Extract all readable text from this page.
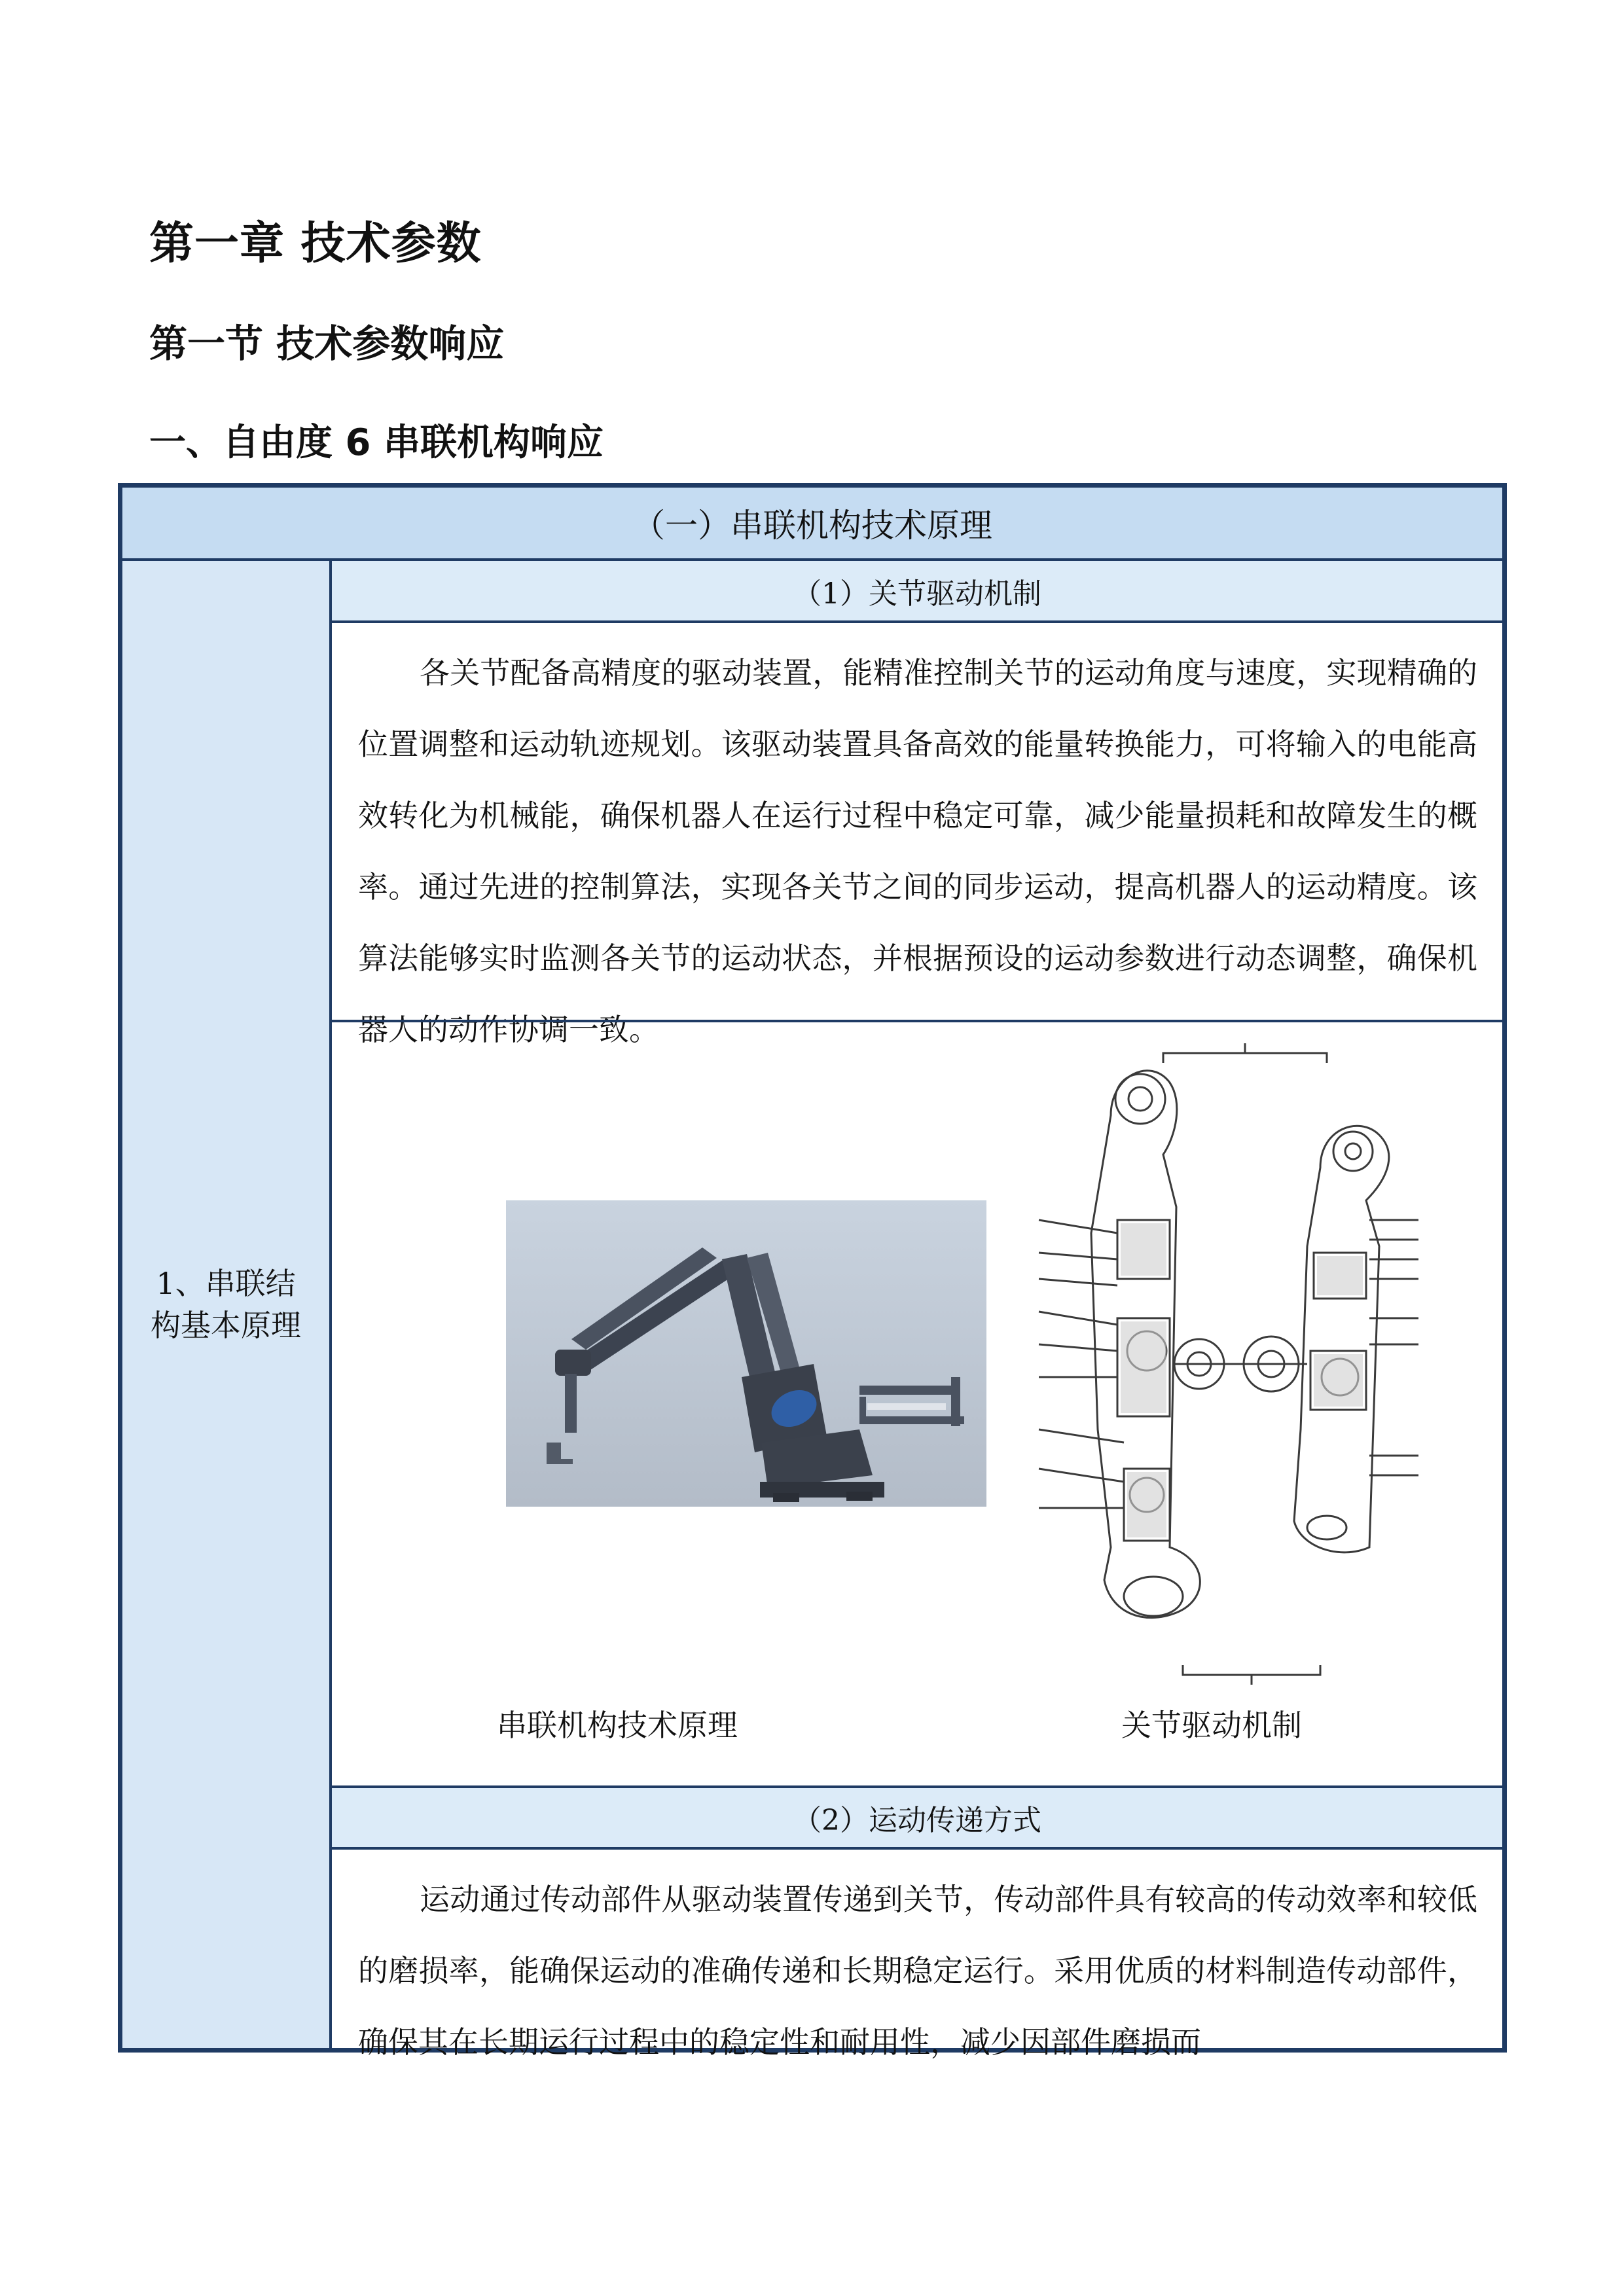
第一章 技术参数
第一节 技术参数响应
一、自由度 6 串联机构响应
（一）串联机构技术原理
1、串联结构基本原理
（1）关节驱动机制
各关节配备高精度的驱动装置，能精准控制关节的运动角度与速度，实现精确的位置调整和运动轨迹规划。该驱动装置具备高效的能量转换能力，可将输入的电能高效转化为机械能，确保机器人在运行过程中稳定可靠，减少能量损耗和故障发生的概率。通过先进的控制算法，实现各关节之间的同步运动，提高机器人的运动精度。该算法能够实时监测各关节的运动状态，并根据预设的运动参数进行动态调整，确保机器人的动作协调一致。
串联机构技术原理	关节驱动机制
（2）运动传递方式
运动通过传动部件从驱动装置传递到关节，传动部件具有较高的传动效率和较低的磨损率，能确保运动的准确传递和长期稳定运行。采用优质的材料制造传动部件，确保其在长期运行过程中的稳定性和耐用性，减少因部件磨损而
